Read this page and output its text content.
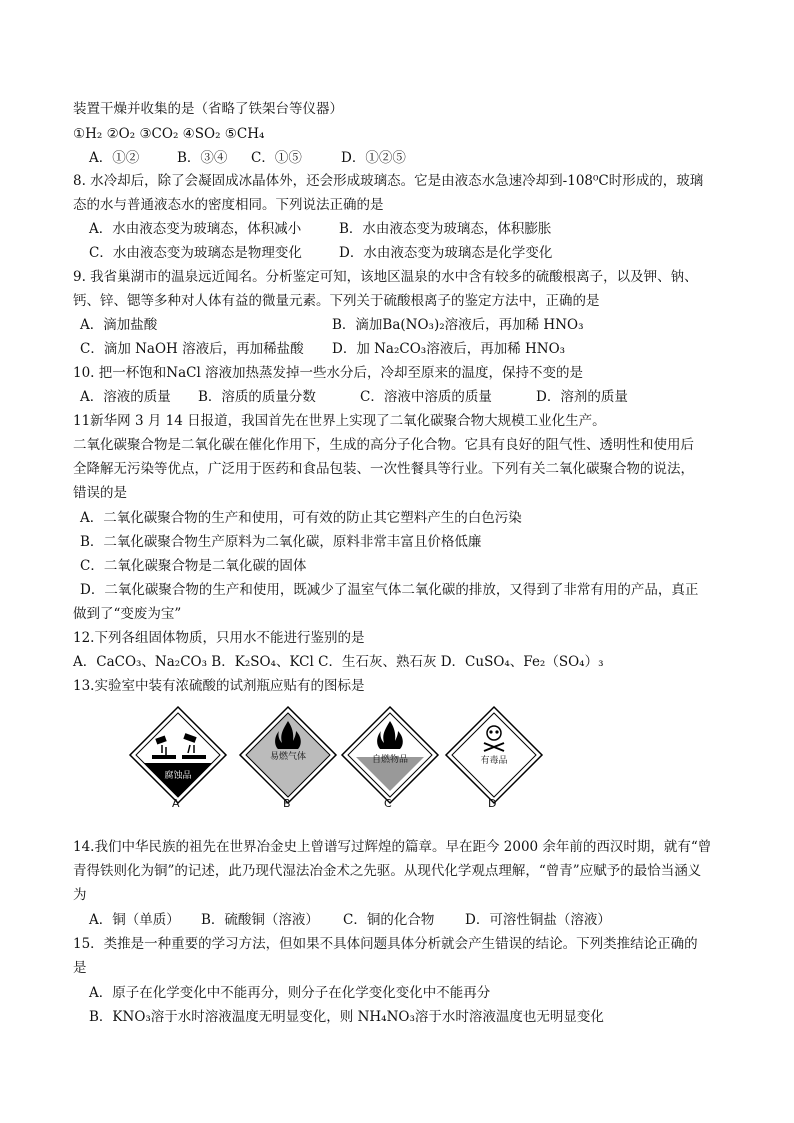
装置干燥并收集的是（省略了铁架台等仪器）
①H₂ ②O₂ ③CO₂ ④SO₂ ⑤CH₄
A．①②	B．③④ C．①⑤	D．①②⑤
8. 水冷却后，除了会凝固成冰晶体外，还会形成玻璃态。它是由液态水急速冷却到-108⁰C时形成的，玻璃
态的水与普通液态水的密度相同。下列说法正确的是
A．水由液态变为玻璃态，体积减小	B．水由液态变为玻璃态，体积膨胀
C．水由液态变为玻璃态是物理变化	D．水由液态变为玻璃态是化学变化
9. 我省巢湖市的温泉远近闻名。分析鉴定可知，该地区温泉的水中含有较多的硫酸根离子，以及钾、钠、
钙、锌、锶等多种对人体有益的微量元素。下列关于硫酸根离子的鉴定方法中，正确的是
A．滴加盐酸	B．滴加Ba(NO₃)₂溶液后，再加稀 HNO₃
C．滴加 NaOH 溶液后，再加稀盐酸 D．加 Na₂CO₃溶液后，再加稀 HNO₃
10. 把一杯饱和NaCl 溶液加热蒸发掉一些水分后，冷却至原来的温度，保持不变的是
A．溶液的质量 B．溶质的质量分数	C．溶液中溶质的质量	D．溶剂的质量
11新华网 3 月 14 日报道，我国首先在世界上实现了二氧化碳聚合物大规模工业化生产。
二氧化碳聚合物是二氧化碳在催化作用下，生成的高分子化合物。它具有良好的阻气性、透明性和使用后
全降解无污染等优点，广泛用于医药和食品包装、一次性餐具等行业。下列有关二氧化碳聚合物的说法，
错误的是
A．二氧化碳聚合物的生产和使用，可有效的防止其它塑料产生的白色污染
B．二氧化碳聚合物生产原料为二氧化碳，原料非常丰富且价格低廉
C．二氧化碳聚合物是二氧化碳的固体
D．二氧化碳聚合物的生产和使用，既减少了温室气体二氧化碳的排放，又得到了非常有用的产品，真正
做到了“变废为宝”
12.下列各组固体物质，只用水不能进行鉴别的是
A．CaCO₃、Na₂CO₃ B．K₂SO₄、KCl C．生石灰、熟石灰 D．CuSO₄、Fe₂（SO₄）₃
13.实验室中装有浓硫酸的试剂瓶应贴有的图标是
腐蚀品
易燃气体	自燃物品	有毒品
A	B	C	D
14.我们中华民族的祖先在世界冶金史上曾谱写过辉煌的篇章。早在距今 2000 余年前的西汉时期，就有“曾
青得铁则化为铜”的记述，此乃现代湿法冶金术之先驱。从现代化学观点理解，“曾青”应赋予的最恰当涵义
为
A．铜（单质） B．硫酸铜（溶液） C．铜的化合物 D．可溶性铜盐（溶液）
15．类推是一种重要的学习方法，但如果不具体问题具体分析就会产生错误的结论。下列类推结论正确的
是
A．原子在化学变化中不能再分，则分子在化学变化变化中不能再分
B．KNO₃溶于水时溶液温度无明显变化，则 NH₄NO₃溶于水时溶液温度也无明显变化
